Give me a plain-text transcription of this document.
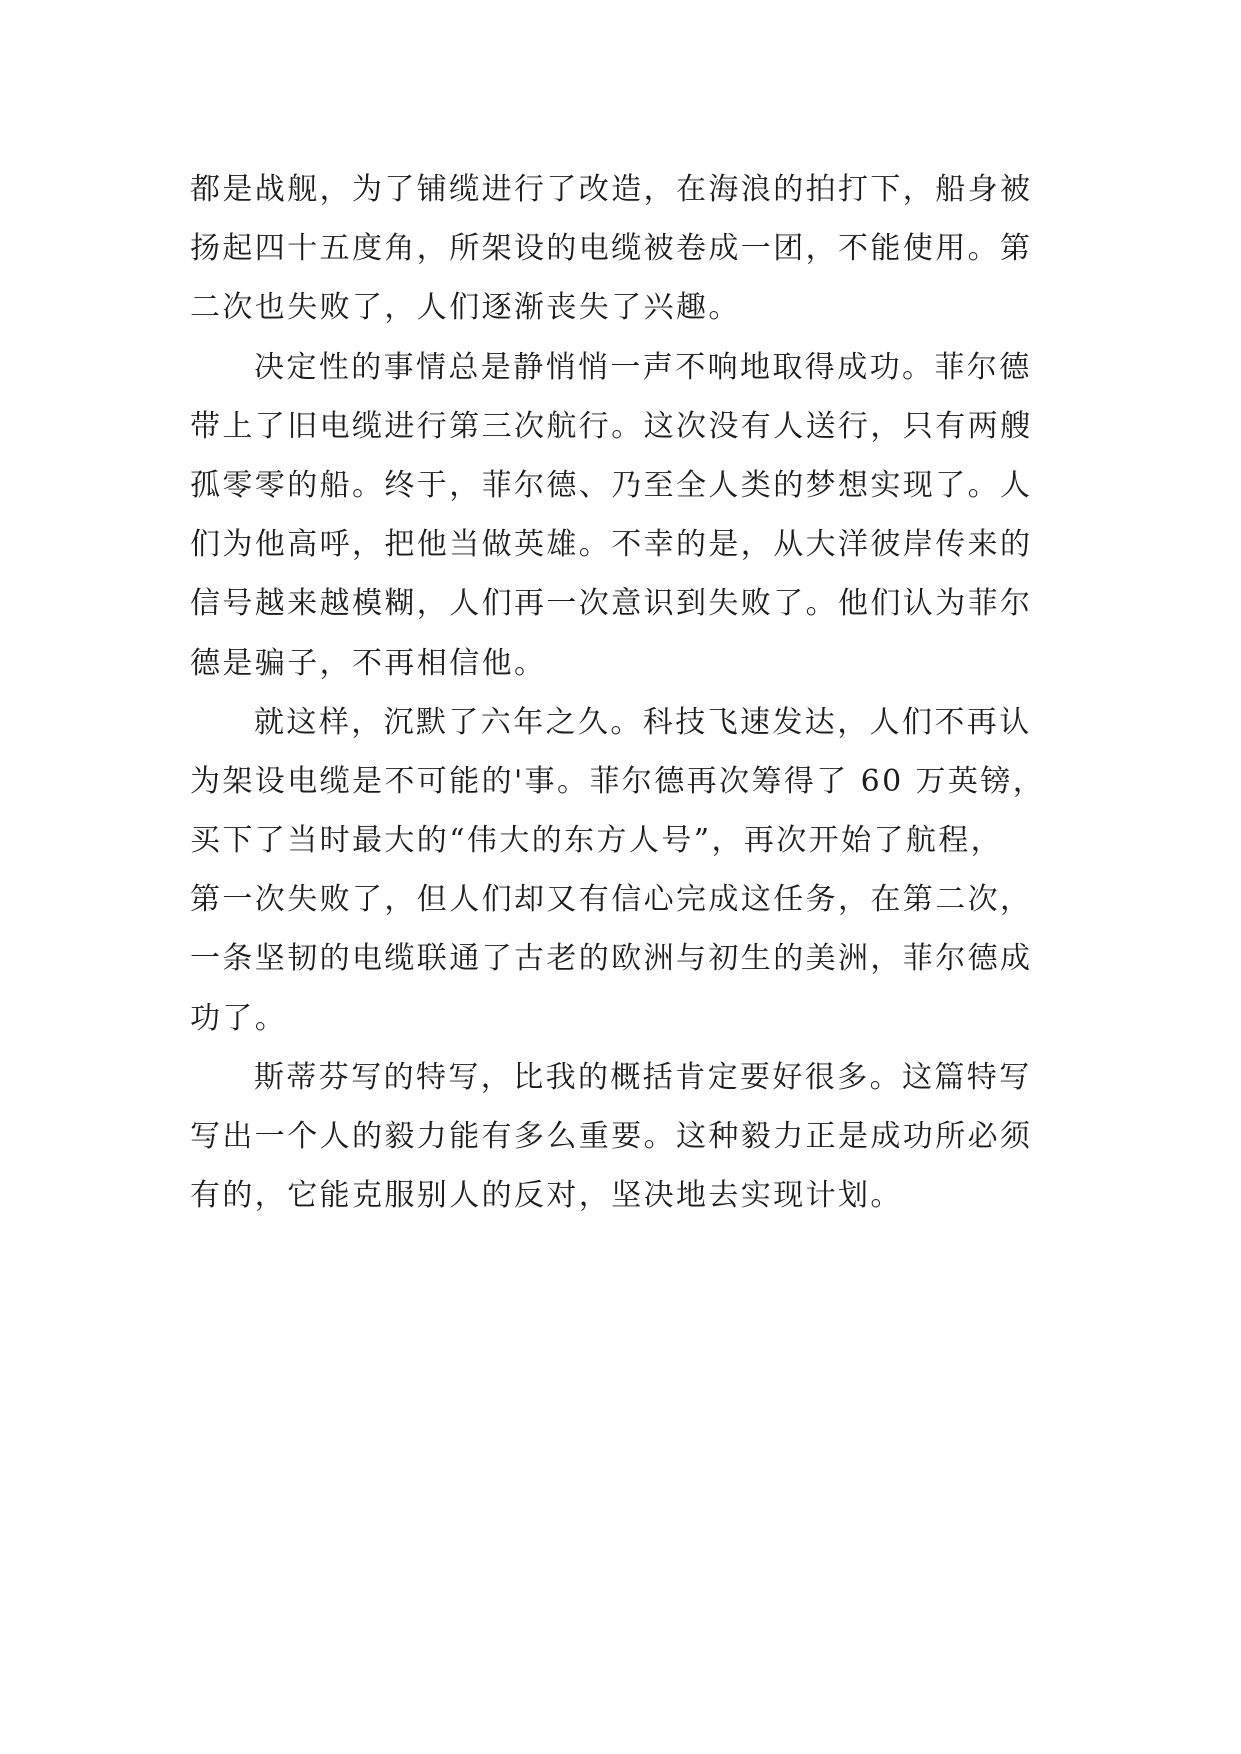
都是战舰，为了铺缆进行了改造，在海浪的拍打下，船身被
扬起四十五度角，所架设的电缆被卷成一团，不能使用。第
二次也失败了，人们逐渐丧失了兴趣。

决定性的事情总是静悄悄一声不响地取得成功。菲尔德
带上了旧电缆进行第三次航行。这次没有人送行，只有两艘
孤零零的船。终于，菲尔德、乃至全人类的梦想实现了。人
们为他高呼，把他当做英雄。不幸的是，从大洋彼岸传来的
信号越来越模糊，人们再一次意识到失败了。他们认为菲尔
德是骗子，不再相信他。

就这样，沉默了六年之久。科技飞速发达，人们不再认
为架设电缆是不可能的'事。菲尔德再次筹得了 60 万英镑，
买下了当时最大的“伟大的东方人号”，再次开始了航程，
第一次失败了，但人们却又有信心完成这任务，在第二次，
一条坚韧的电缆联通了古老的欧洲与初生的美洲，菲尔德成
功了。

斯蒂芬写的特写，比我的概括肯定要好很多。这篇特写
写出一个人的毅力能有多么重要。这种毅力正是成功所必须
有的，它能克服别人的反对，坚决地去实现计划。
